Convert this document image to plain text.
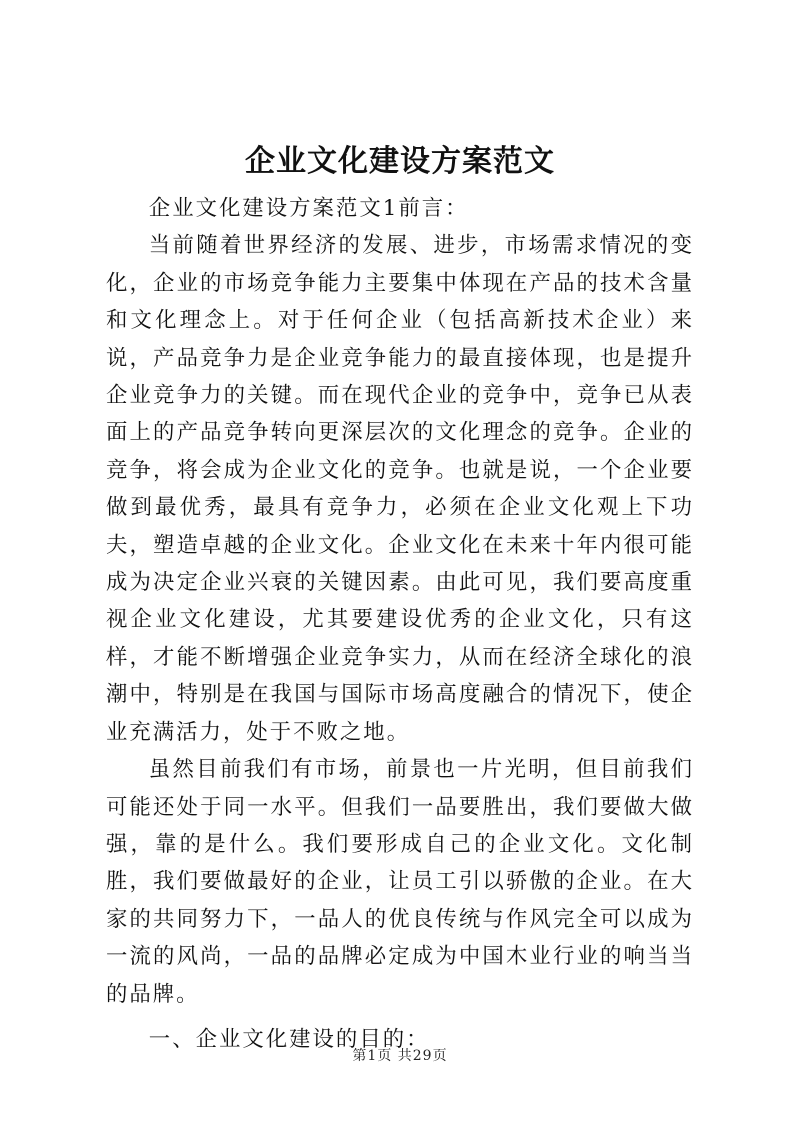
企业文化建设方案范文

企业文化建设方案范文1前言：

当前随着世界经济的发展、进步，市场需求情况的变化，企业的市场竞争能力主要集中体现在产品的技术含量和文化理念上。对于任何企业（包括高新技术企业）来说，产品竞争力是企业竞争能力的最直接体现，也是提升企业竞争力的关键。而在现代企业的竞争中，竞争已从表面上的产品竞争转向更深层次的文化理念的竞争。企业的竞争，将会成为企业文化的竞争。也就是说，一个企业要做到最优秀，最具有竞争力，必须在企业文化观上下功夫，塑造卓越的企业文化。企业文化在未来十年内很可能成为决定企业兴衰的关键因素。由此可见，我们要高度重视企业文化建设，尤其要建设优秀的企业文化，只有这样，才能不断增强企业竞争实力，从而在经济全球化的浪潮中，特别是在我国与国际市场高度融合的情况下，使企业充满活力，处于不败之地。

虽然目前我们有市场，前景也一片光明，但目前我们可能还处于同一水平。但我们一品要胜出，我们要做大做强，靠的是什么。我们要形成自己的企业文化。文化制胜，我们要做最好的企业，让员工引以骄傲的企业。在大家的共同努力下，一品人的优良传统与作风完全可以成为一流的风尚，一品的品牌必定成为中国木业行业的响当当的品牌。

一、企业文化建设的目的：

第1页 共29页
